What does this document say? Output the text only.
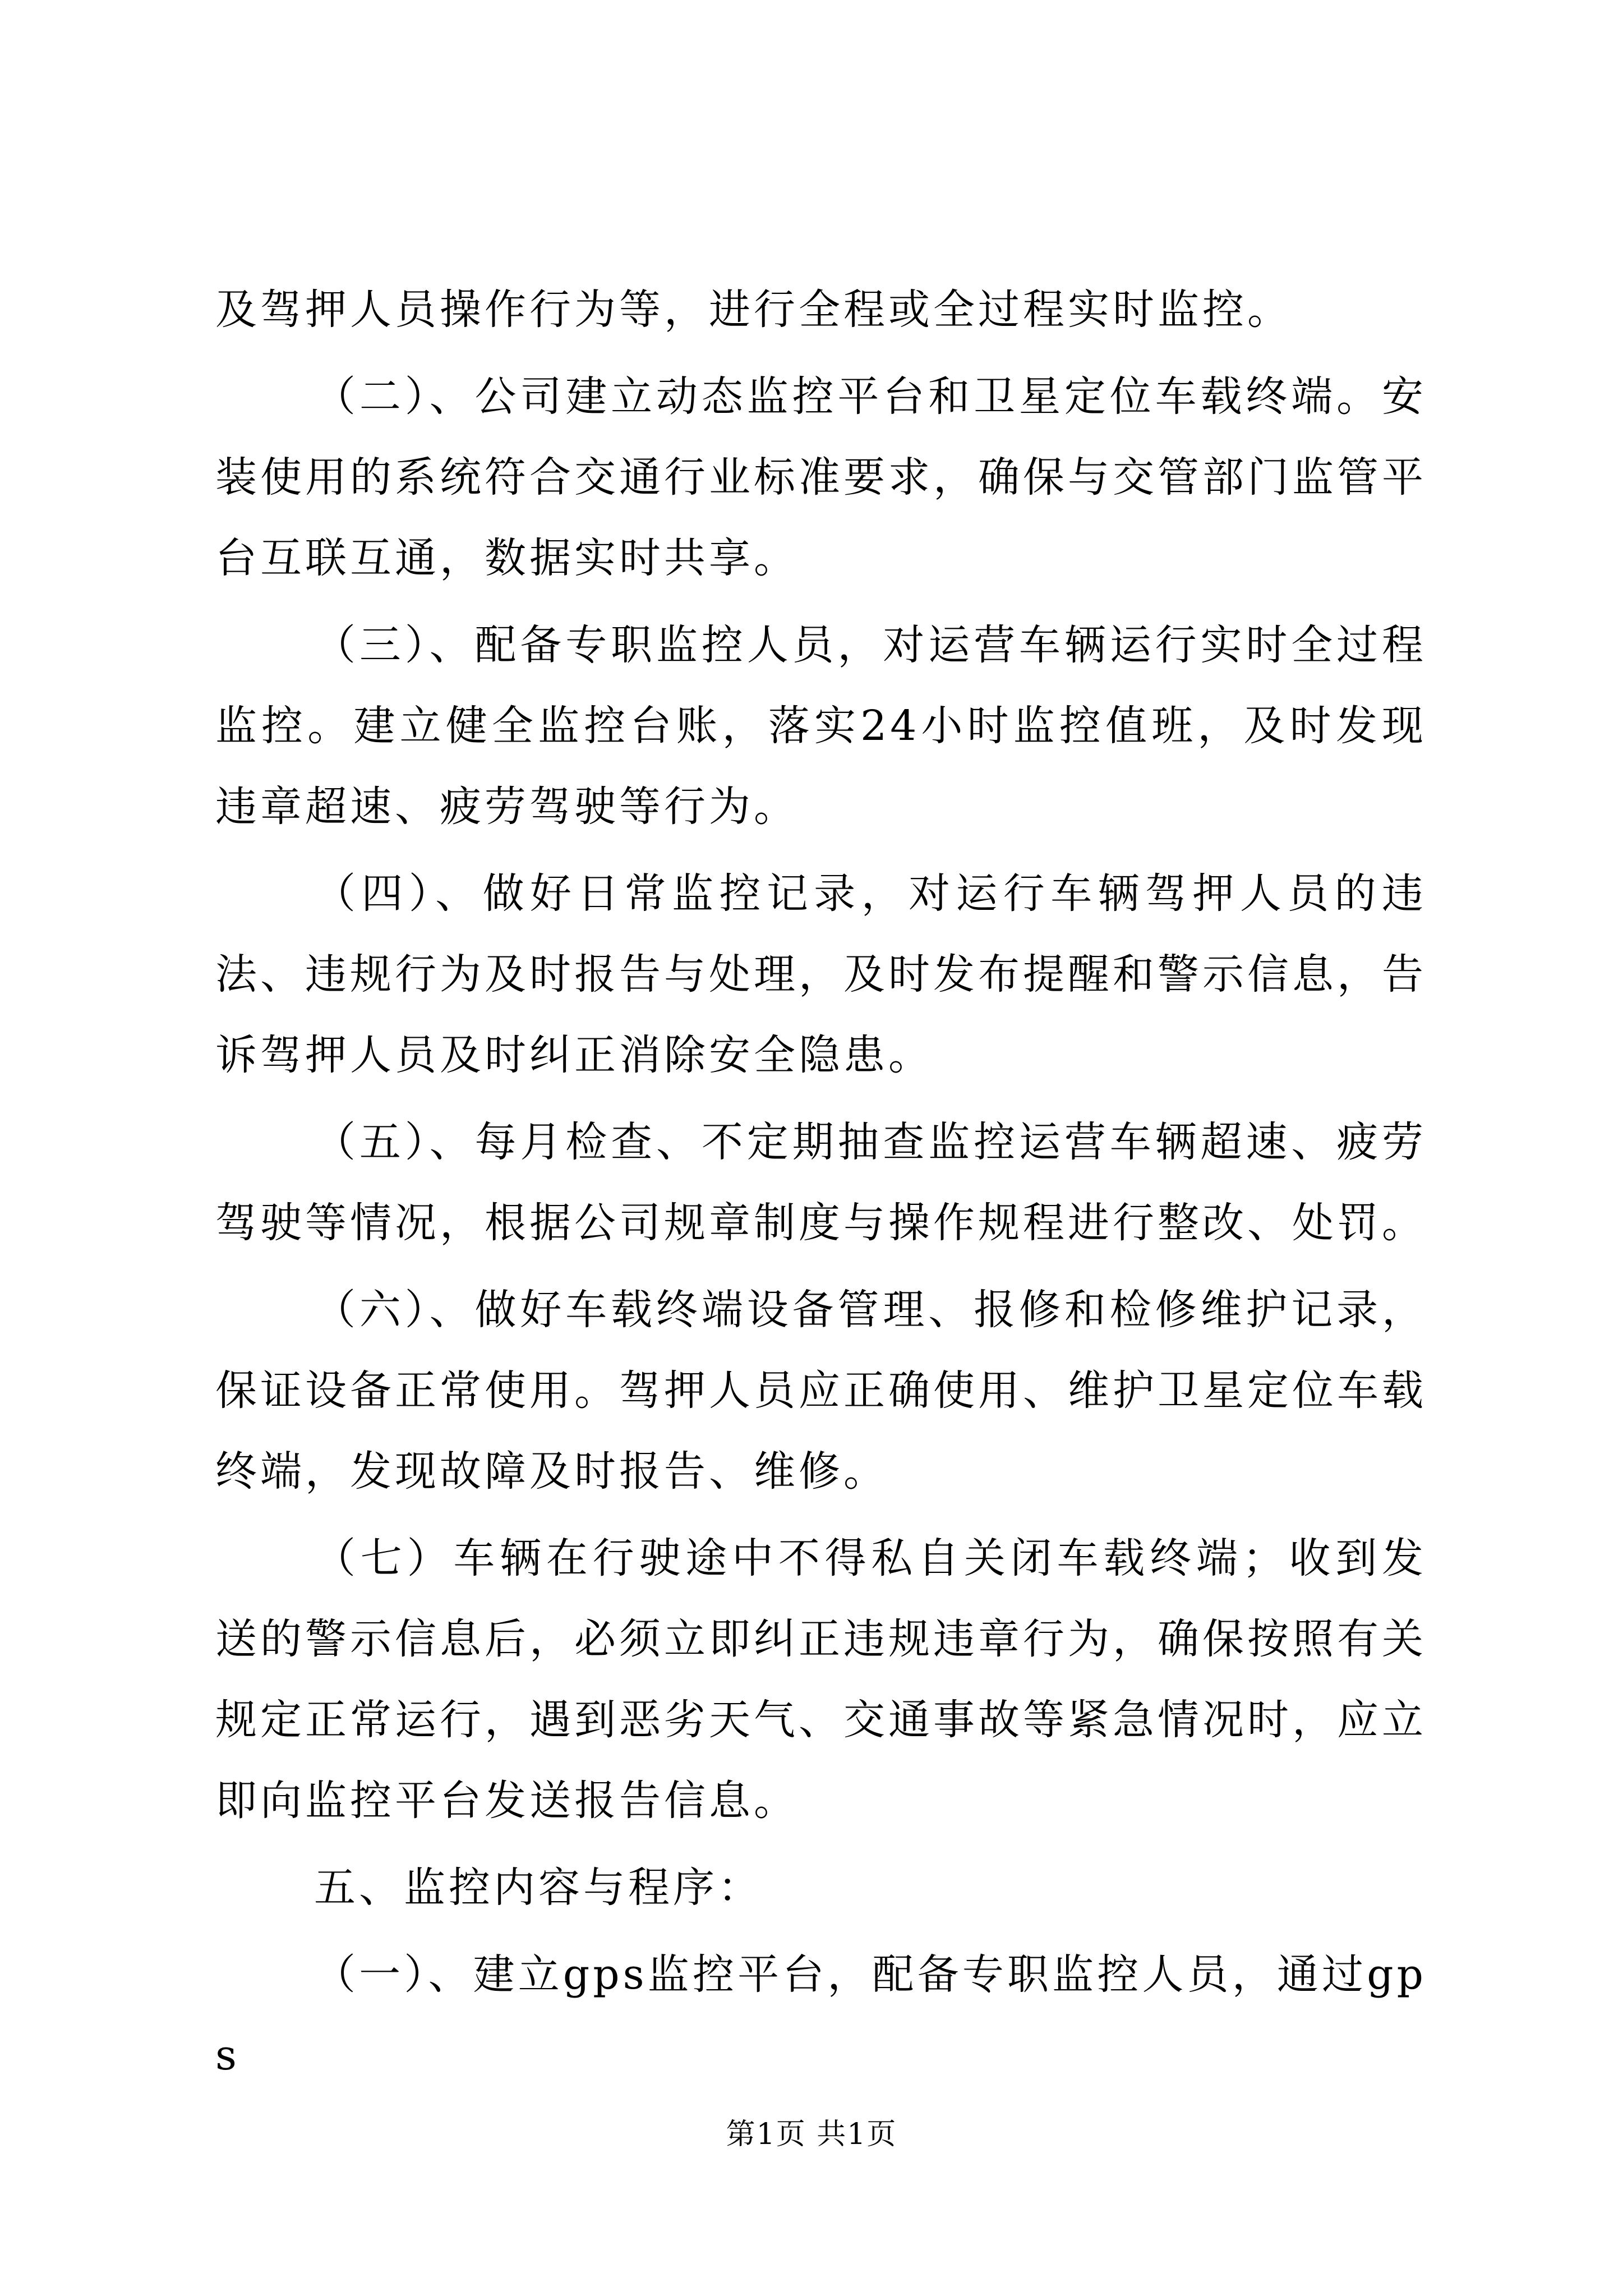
及驾押人员操作行为等，进行全程或全过程实时监控。

（二）、公司建立动态监控平台和卫星定位车载终端。安装使用的系统符合交通行业标准要求，确保与交管部门监管平台互联互通，数据实时共享。

（三）、配备专职监控人员，对运营车辆运行实时全过程监控。建立健全监控台账，落实24小时监控值班，及时发现违章超速、疲劳驾驶等行为。

（四）、做好日常监控记录，对运行车辆驾押人员的违法、违规行为及时报告与处理，及时发布提醒和警示信息，告诉驾押人员及时纠正消除安全隐患。

（五）、每月检查、不定期抽查监控运营车辆超速、疲劳驾驶等情况，根据公司规章制度与操作规程进行整改、处罚。

（六）、做好车载终端设备管理、报修和检修维护记录，保证设备正常使用。驾押人员应正确使用、维护卫星定位车载终端，发现故障及时报告、维修。

（七）车辆在行驶途中不得私自关闭车载终端；收到发送的警示信息后，必须立即纠正违规违章行为，确保按照有关规定正常运行，遇到恶劣天气、交通事故等紧急情况时，应立即向监控平台发送报告信息。

五、监控内容与程序：

（一）、建立gps监控平台，配备专职监控人员，通过gps

第1页 共1页
